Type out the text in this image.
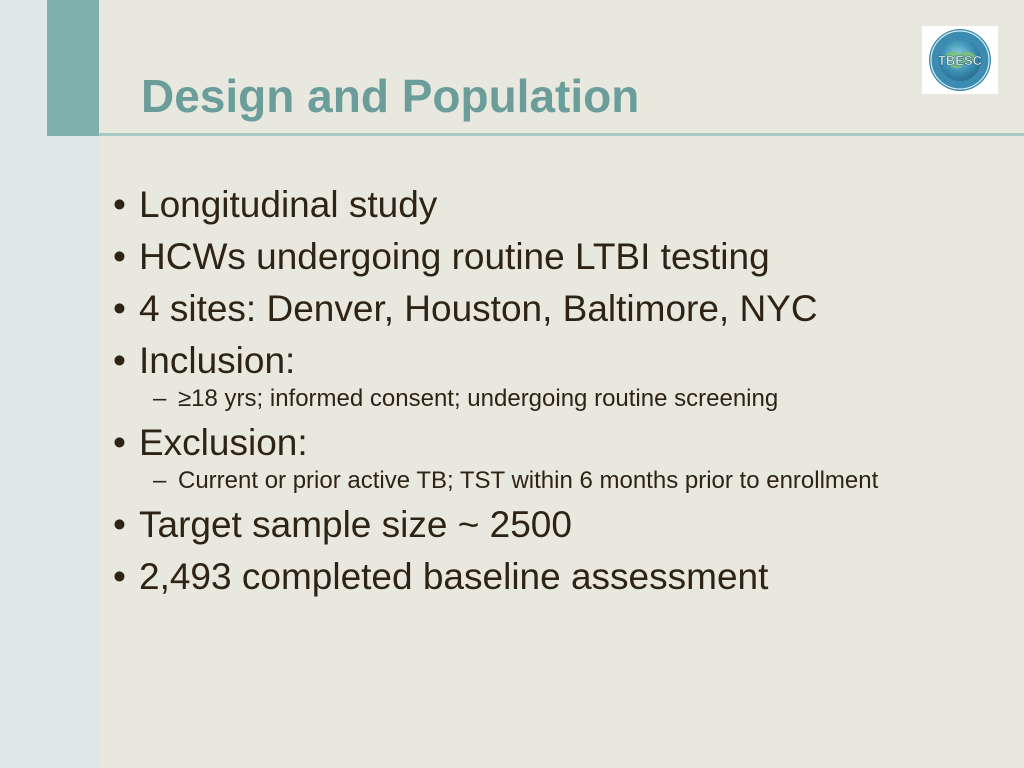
Design and Population
TBESC
• Longitudinal study
• HCWs undergoing routine LTBI testing
• 4 sites: Denver, Houston, Baltimore, NYC
• Inclusion:
– ≥18 yrs; informed consent; undergoing routine screening
• Exclusion:
– Current or prior active TB; TST within 6 months prior to enrollment
• Target sample size ~ 2500
• 2,493 completed baseline assessment
